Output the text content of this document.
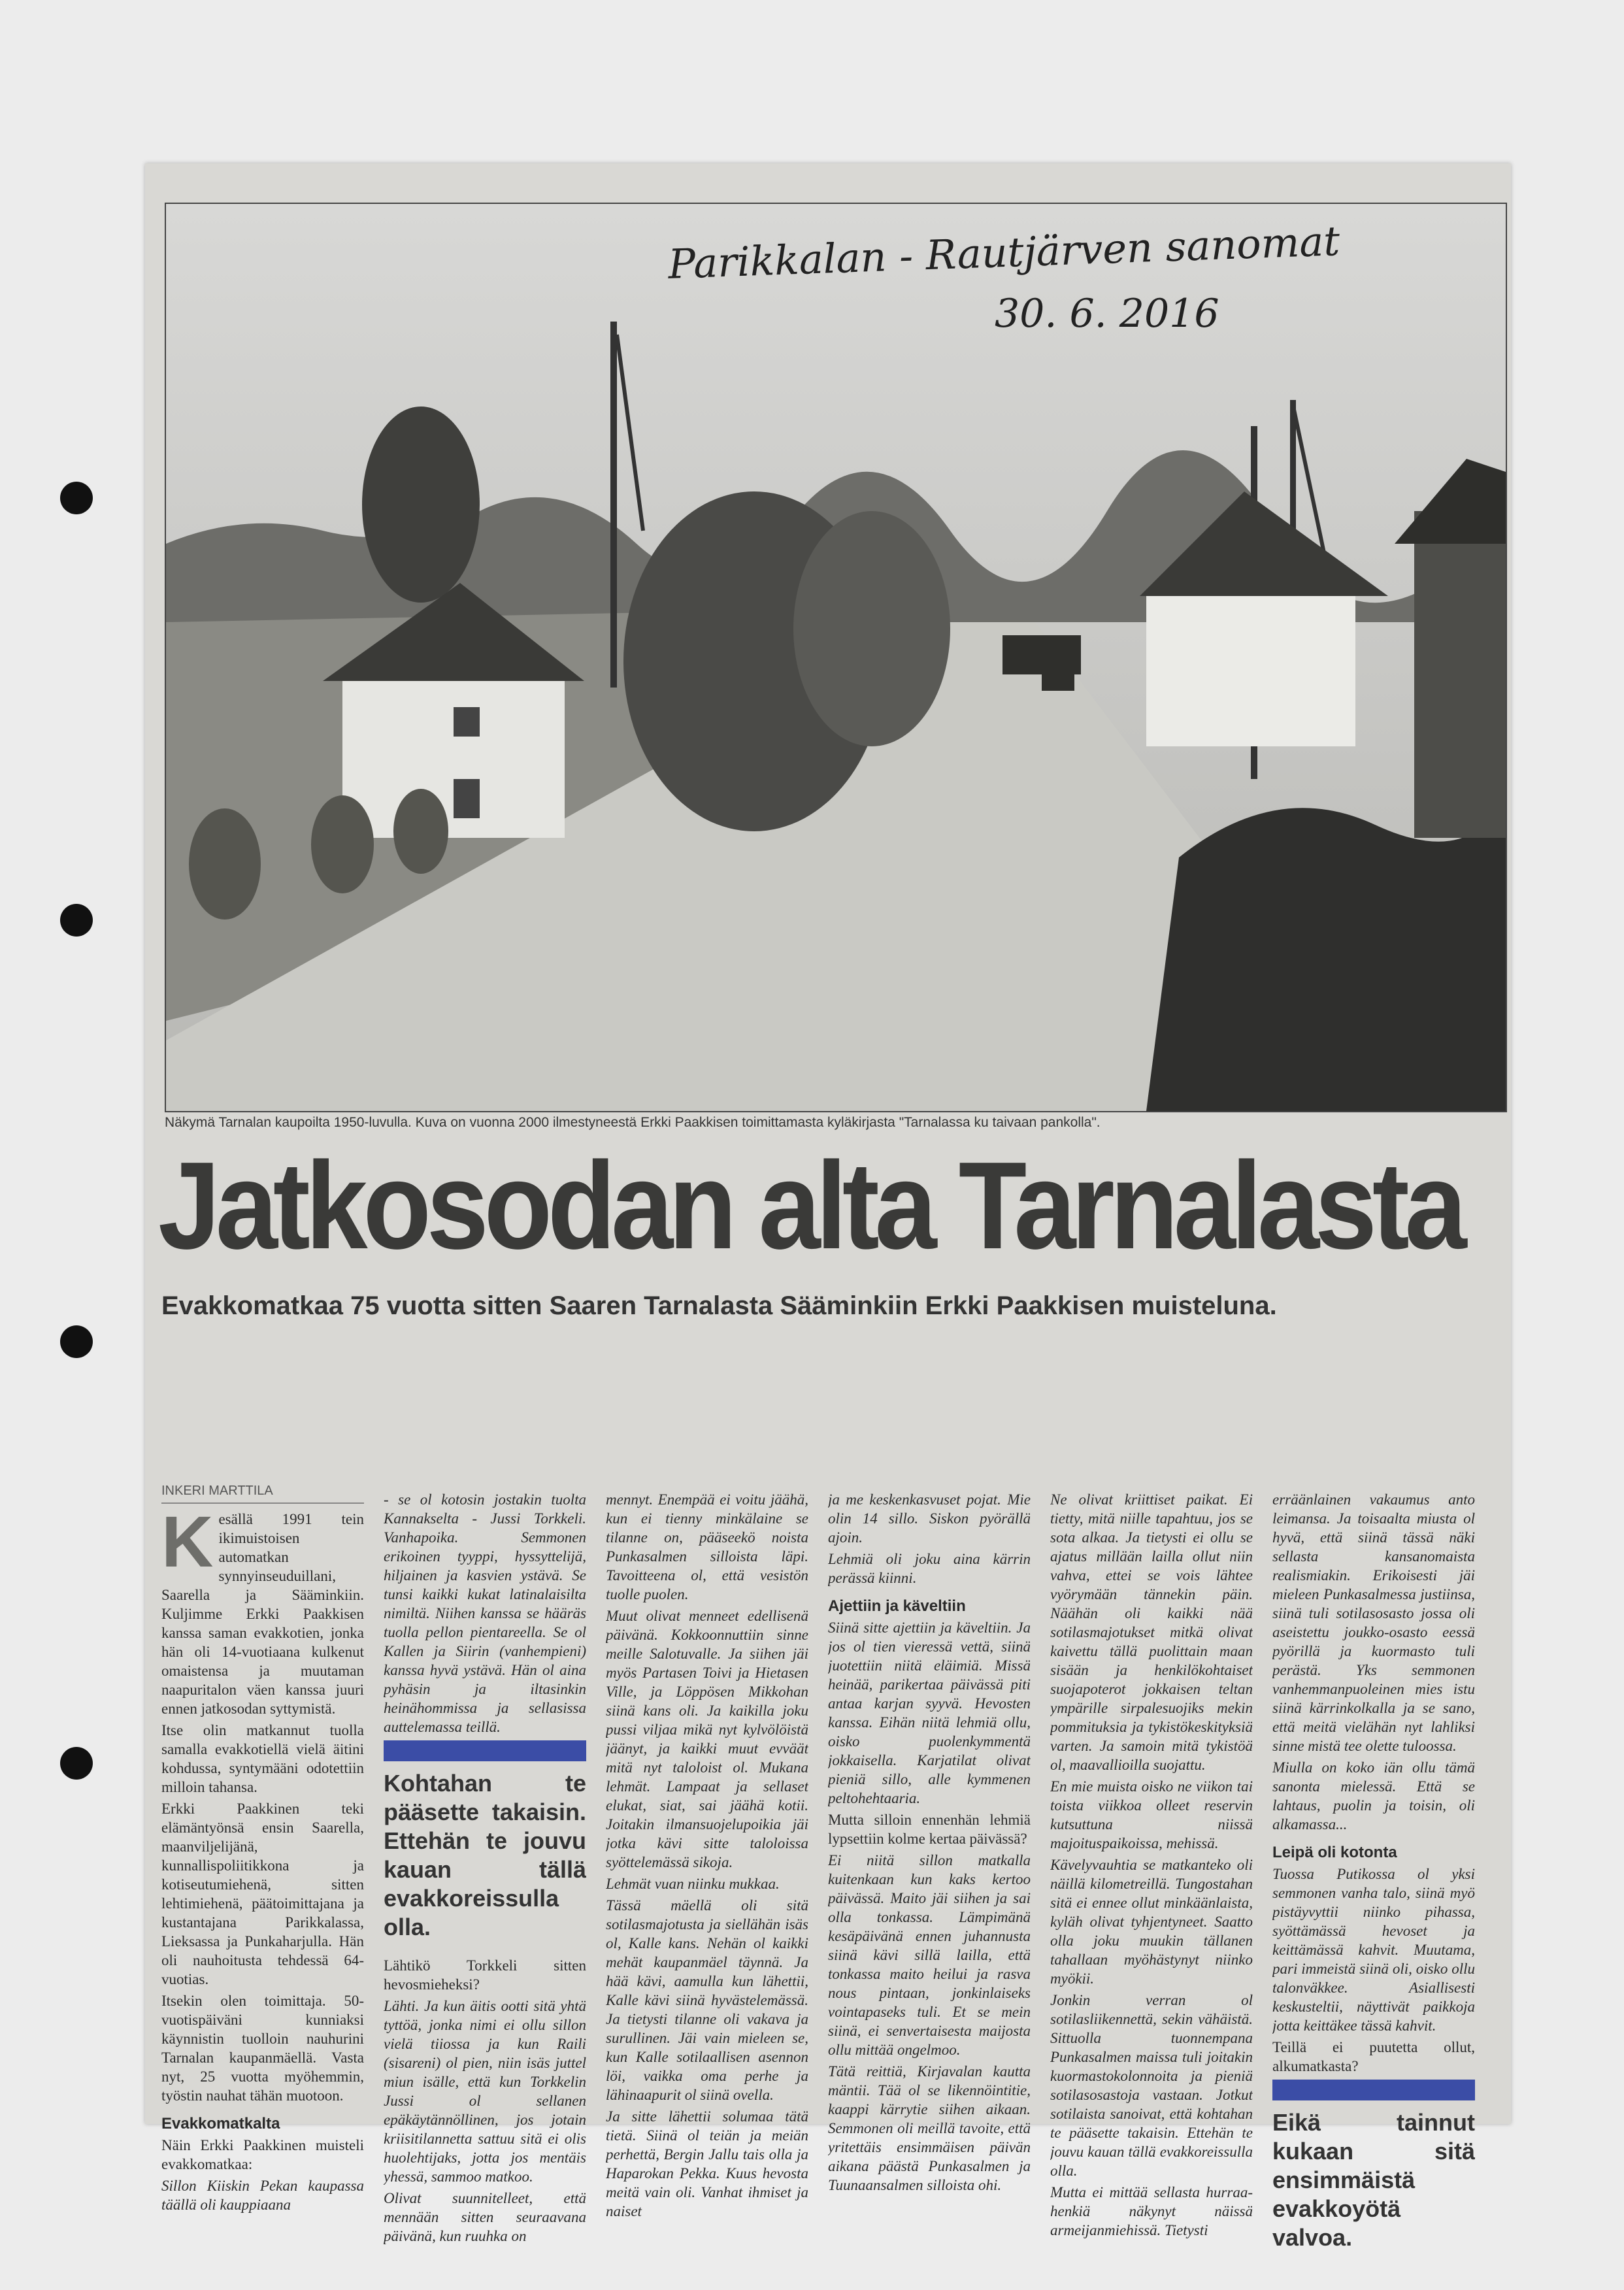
Parikkalan - Rautjärven sanomat
30. 6. 2016
Näkymä Tarnalan kaupoilta 1950-luvulla. Kuva on vuonna 2000 ilmestyneestä Erkki Paakkisen toimittamasta kyläkirjasta "Tarnalassa ku taivaan pankolla".
Jatkosodan alta Tarnalasta
Evakkomatkaa 75 vuotta sitten Saaren Tarnalasta Sääminkiin Erkki Paakkisen muisteluna.
INKERI MARTTILA

Kesällä 1991 tein ikimuistoisen automatkan synnyinseuduillani, Saarella ja Sääminkiin. Kuljimme Erkki Paakkisen kanssa saman evakkotien, jonka hän oli 14-vuotiaana kulkenut omaistensa ja muutaman naapuritalon väen kanssa juuri ennen jatkosodan syttymistä.

Itse olin matkannut tuolla samalla evakkotiellä vielä äitini kohdussa, syntymääni odotettiin milloin tahansa.

Erkki Paakkinen teki elämäntyönsä ensin Saarella, maanviljelijänä, kunnallispoliitikkona ja kotiseutumiehenä, sitten lehtimiehenä, päätoimittajana ja kustantajana Parikkalassa, Lieksassa ja Punkaharjulla. Hän oli nauhoitusta tehdessä 64-vuotias.

Itsekin olen toimittaja. 50-vuotispäiväni kunniaksi käynnistin tuolloin nauhurini Tarnalan kaupanmäellä. Vasta nyt, 25 vuotta myöhemmin, työstin nauhat tähän muotoon.

Evakkomatkalta

Näin Erkki Paakkinen muisteli evakkomatkaa:

Sillon Kiiskin Pekan kaupassa täällä oli kauppiaana

- se ol kotosin jostakin tuolta Kannakselta - Jussi Torkkeli. Vanhapoika. Semmonen erikoinen tyyppi, hyssyttelijä, hiljainen ja kasvien ystävä. Se tunsi kaikki kukat latinalaisilta nimiltä. Niihen kanssa se hääräs tuolla pellon pientareella. Se ol Kallen ja Siirin (vanhempieni) kanssa hyvä ystävä. Hän ol aina pyhäsin ja iltasinkin heinähommissa ja sellasissa auttelemassa teillä.

Kohtahan te pääsette takaisin. Ettehän te jouvu kauan tällä evakkoreissulla olla.

Lähtikö Torkkeli sitten hevosmieheksi?

Lähti. Ja kun äitis ootti sitä yhtä tyttöä, jonka nimi ei ollu sillon vielä tiiossa ja kun Raili (sisareni) ol pien, niin isäs juttel miun isälle, että kun Torkkelin Jussi ol sellanen epäkäytännöllinen, jos jotain kriisitilannetta sattuu sitä ei olis huolehtijaks, jotta jos mentäis yhessä, sammoo matkoo.

Olivat suunnitelleet, että mennään sitten seuraavana päivänä, kun ruuhka on

mennyt. Enempää ei voitu jäähä, kun ei tienny minkälaine se tilanne on, pääseekö noista Punkasalmen silloista läpi. Tavoitteena ol, että vesistön tuolle puolen.

Muut olivat menneet edellisenä päivänä. Kokkoonnuttiin sinne meille Salotuvalle. Ja siihen jäi myös Partasen Toivi ja Hietasen Ville, ja Löppösen Mikkohan siinä kans oli. Ja kaikilla joku pussi viljaa mikä nyt kylvölöistä jäänyt, ja kaikki muut evväät mitä nyt taloloist ol. Mukana lehmät. Lampaat ja sellaset elukat, siat, sai jäähä kotii. Joitakin ilmansuojelupoikia jäi jotka kävi sitte taloloissa syöttelemässä sikoja.

Lehmät vuan niinku mukkaa.

Tässä mäellä oli sitä sotilasmajotusta ja siellähän isäs ol, Kalle kans. Nehän ol kaikki mehät kaupanmäel täynnä. Ja hää kävi, aamulla kun lähettii, Kalle kävi siinä hyvästelemässä. Ja tietysti tilanne oli vakava ja surullinen. Jäi vain mieleen se, kun Kalle sotilaallisen asennon löi, vaikka oma perhe ja lähinaapurit ol siinä ovella.

Ja sitte lähettii solumaa tätä tietä. Siinä ol teiän ja meiän perhettä, Bergin Jallu tais olla ja Haparokan Pekka. Kuus hevosta meitä vain oli. Vanhat ihmiset ja naiset

ja me keskenkasvuset pojat. Mie olin 14 sillo. Siskon pyörällä ajoin.

Lehmiä oli joku aina kärrin perässä kiinni.

Ajettiin ja käveltiin

Siinä sitte ajettiin ja käveltiin. Ja jos ol tien vieressä vettä, siinä juotettiin niitä eläimiä. Missä heinää, parikertaa päivässä piti antaa karjan syyvä. Hevosten kanssa. Eihän niitä lehmiä ollu, oisko puolenkymmentä jokkaisella. Karjatilat olivat pieniä sillo, alle kymmenen peltohehtaaria.

Mutta silloin ennenhän lehmiä lypsettiin kolme kertaa päivässä?

Ei niitä sillon matkalla kuitenkaan kun kaks kertoo päivässä. Maito jäi siihen ja sai olla tonkassa. Lämpimänä kesäpäivänä ennen juhannusta siinä kävi sillä lailla, että tonkassa maito heilui ja rasva nous pintaan, jonkinlaiseks vointapaseks tuli. Et se mein siinä, ei senvertaisesta maijosta ollu mittää ongelmoo.

Tätä reittiä, Kirjavalan kautta mäntii. Tää ol se likennöintitie, kaappi kärrytie siihen aikaan. Semmonen oli meillä tavoite, että yritettäis ensimmäisen päivän aikana päästä Punkasalmen ja Tuunaansalmen silloista ohi.

Ne olivat kriittiset paikat. Ei tietty, mitä niille tapahtuu, jos se sota alkaa. Ja tietysti ei ollu se ajatus millään lailla ollut niin vahva, ettei se vois lähtee vyörymään tännekin päin. Näähän oli kaikki nää sotilasmajotukset mitkä olivat kaivettu tällä puolittain maan sisään ja henkilökohtaiset suojapoterot jokkaisen teltan ympärille sirpalesuojiks mekin pommituksia ja tykistökeskityksiä varten. Ja samoin mitä tykistöä ol, maavallioilla suojattu.

En mie muista oisko ne viikon tai toista viikkoa olleet reservin kutsuttuna niissä majoituspaikoissa, mehissä.

Kävelyvauhtia se matkanteko oli näillä kilometreillä. Tungostahan sitä ei ennee ollut minkäänlaista, kyläh olivat tyhjentyneet. Saatto olla joku muukin tällanen tahallaan myöhästynyt niinko myökii.

Jonkin verran ol sotilasliikennettä, sekin vähäistä. Sittuolla tuonnempana Punkasalmen maissa tuli joitakin kuormastokolonnoita ja pieniä sotilasosastoja vastaan. Jotkut sotilaista sanoivat, että kohtahan te pääsette takaisin. Ettehän te jouvu kauan tällä evakkoreissulla olla.

Mutta ei mittää sellasta hurraa-henkiä näkynyt näissä armeijanmiehissä. Tietysti

erräänlainen vakaumus anto leimansa. Ja toisaalta miusta ol hyvä, että siinä tässä näki sellasta kansanomaista realismiakin. Erikoisesti jäi mieleen Punkasalmessa justiinsa, siinä tuli sotilasosasto jossa oli aseistettu joukko-osasto eessä pyörillä ja kuormasto tuli perästä. Yks semmonen vanhemmanpuoleinen mies istu siinä kärrinkolkalla ja se sano, että meitä vielähän nyt lahliksi sinne mistä tee olette tuloossa.

Miulla on koko iän ollu tämä sanonta mielessä. Että se lahtaus, puolin ja toisin, oli alkamassa...

Leipä oli kotonta

Tuossa Putikossa ol yksi semmonen vanha talo, siinä myö pistäyvyttii niinko pihassa, syöttämässä hevoset ja keittämässä kahvit. Muutama, pari immeistä siinä oli, oisko ollu talonväkkee. Asiallisesti keskusteltii, näyttivät paikkoja jotta keittäkee tässä kahvit.

Teillä ei puutetta ollut, alkumatkasta?

Eikä tainnut kukaan sitä ensimmäistä evakkoyötä valvoa.
